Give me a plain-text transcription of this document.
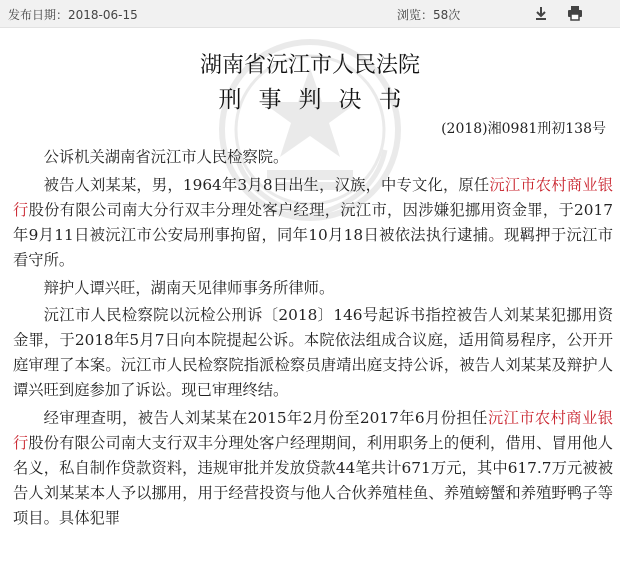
发布日期：2018-06-15	浏览：58次
湖南省沅江市人民法院
刑事判决书
(2018)湘0981刑初138号

公诉机关湖南省沅江市人民检察院。

被告人刘某某，男，1964年3月8日出生，汉族，中专文化，原任沅江市农村商业银行股份有限公司南大分行双丰分理处客户经理，沅江市，因涉嫌犯挪用资金罪，于2017年9月11日被沅江市公安局刑事拘留，同年10月18日被依法执行逮捕。现羁押于沅江市看守所。

辩护人谭兴旺，湖南天见律师事务所律师。

沅江市人民检察院以沅检公刑诉〔2018〕146号起诉书指控被告人刘某某犯挪用资金罪，于2018年5月7日向本院提起公诉。本院依法组成合议庭，适用简易程序，公开开庭审理了本案。沅江市人民检察院指派检察员唐靖出庭支持公诉，被告人刘某某及辩护人谭兴旺到庭参加了诉讼。现已审理终结。

经审理查明，被告人刘某某在2015年2月份至2017年6月份担任沅江市农村商业银行股份有限公司南大支行双丰分理处客户经理期间，利用职务上的便利，借用、冒用他人名义，私自制作贷款资料，违规审批并发放贷款44笔共计671万元，其中617.7万元被被告人刘某某本人予以挪用，用于经营投资与他人合伙养殖桂鱼、养殖螃蟹和养殖野鸭子等项目。具体犯罪
